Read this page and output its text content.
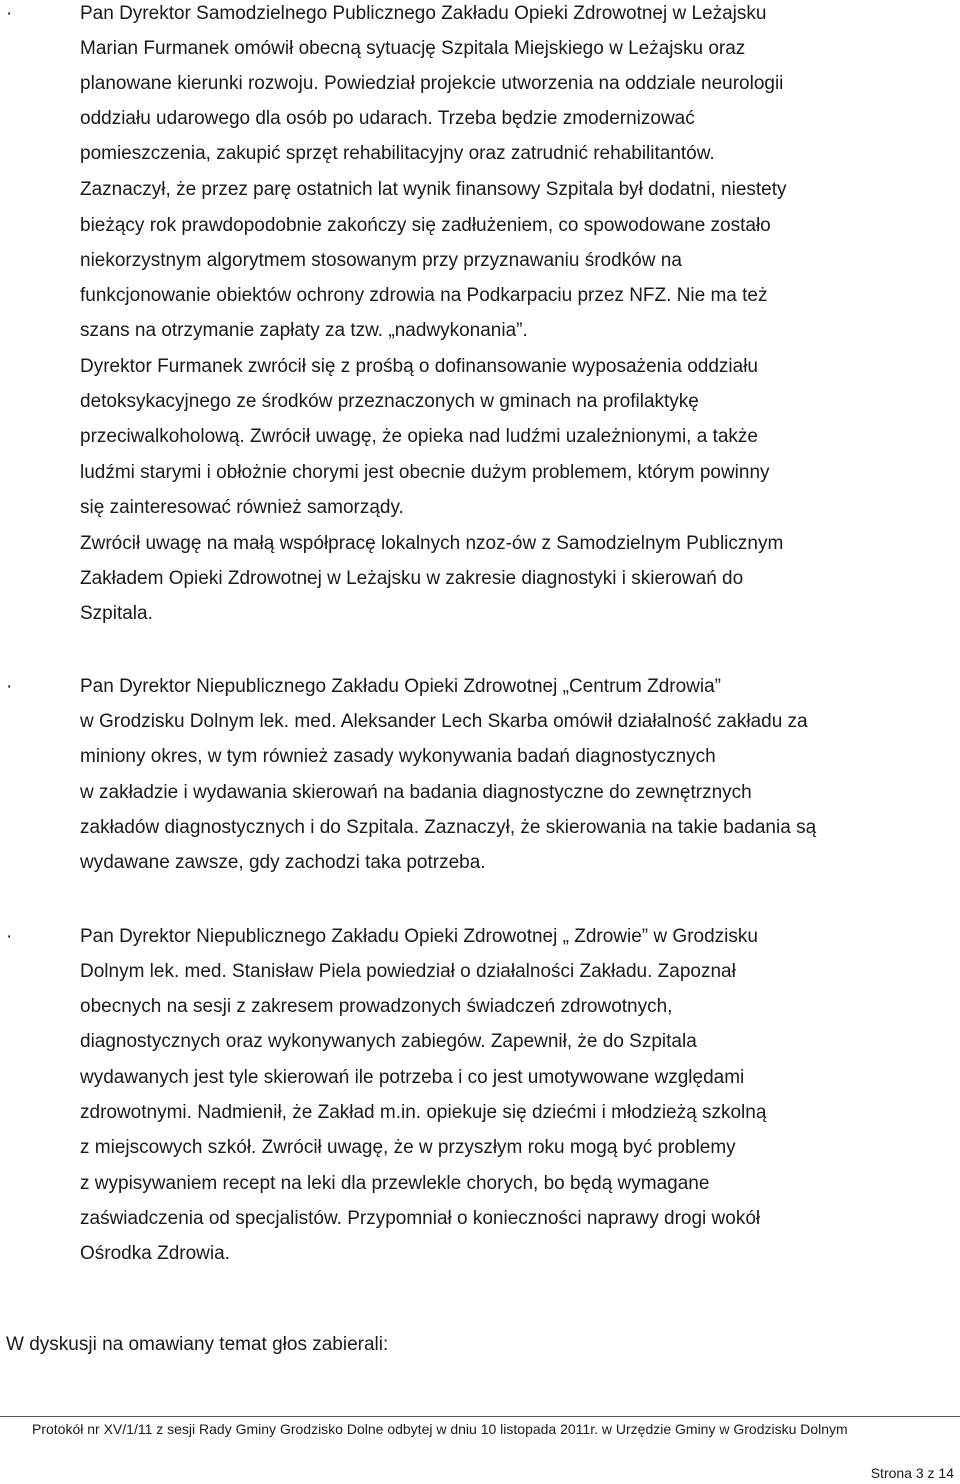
·	Pan Dyrektor Samodzielnego Publicznego Zakładu Opieki Zdrowotnej w Leżajsku
Marian Furmanek omówił obecną sytuację Szpitala Miejskiego w Leżajsku oraz
planowane kierunki rozwoju. Powiedział projekcie utworzenia na oddziale neurologii
oddziału udarowego dla osób po udarach. Trzeba będzie zmodernizować
pomieszczenia, zakupić sprzęt rehabilitacyjny oraz zatrudnić rehabilitantów.
Zaznaczył, że przez parę ostatnich lat wynik finansowy Szpitala był dodatni, niestety
bieżący rok prawdopodobnie zakończy się zadłużeniem, co spowodowane zostało
niekorzystnym algorytmem stosowanym przy przyznawaniu środków na
funkcjonowanie obiektów ochrony zdrowia na Podkarpaciu przez NFZ. Nie ma też
szans na otrzymanie zapłaty za tzw. „nadwykonania”.
Dyrektor Furmanek zwrócił się z prośbą o dofinansowanie wyposażenia oddziału
detoksykacyjnego ze środków przeznaczonych w gminach na profilaktykę
przeciwalkoholową. Zwrócił uwagę, że opieka nad ludźmi uzależnionymi, a także
ludźmi starymi i obłożnie chorymi jest obecnie dużym problemem, którym powinny
się zainteresować również samorządy.
Zwrócił uwagę na małą współpracę lokalnych nzoz-ów z Samodzielnym Publicznym
Zakładem Opieki Zdrowotnej w Leżajsku w zakresie diagnostyki i skierowań do
Szpitala.
·	Pan Dyrektor Niepublicznego Zakładu Opieki Zdrowotnej „Centrum Zdrowia”
w Grodzisku Dolnym lek. med. Aleksander Lech Skarba omówił działalność zakładu za
miniony okres, w tym również zasady wykonywania badań diagnostycznych
w zakładzie i wydawania skierowań na badania diagnostyczne do zewnętrznych
zakładów diagnostycznych i do Szpitala. Zaznaczył, że skierowania na takie badania są
wydawane zawsze, gdy zachodzi taka potrzeba.
·	Pan Dyrektor Niepublicznego Zakładu Opieki Zdrowotnej „ Zdrowie” w Grodzisku
Dolnym lek. med. Stanisław Piela powiedział o działalności Zakładu. Zapoznał
obecnych na sesji z zakresem prowadzonych świadczeń zdrowotnych,
diagnostycznych oraz wykonywanych zabiegów. Zapewnił, że do Szpitala
wydawanych jest tyle skierowań ile potrzeba i co jest umotywowane względami
zdrowotnymi. Nadmienił, że Zakład m.in. opiekuje się dziećmi i młodzieżą szkolną
z miejscowych szkół. Zwrócił uwagę, że w przyszłym roku mogą być problemy
z wypisywaniem recept na leki dla przewlekle chorych, bo będą wymagane
zaświadczenia od specjalistów. Przypomniał o konieczności naprawy drogi wokół
Ośrodka Zdrowia.
W dyskusji na omawiany temat głos zabierali:
Protokół nr XV/1/11 z sesji Rady Gminy Grodzisko Dolne odbytej w dniu 10 listopada 2011r. w Urzędzie Gminy w Grodzisku Dolnym
Strona 3 z 14
